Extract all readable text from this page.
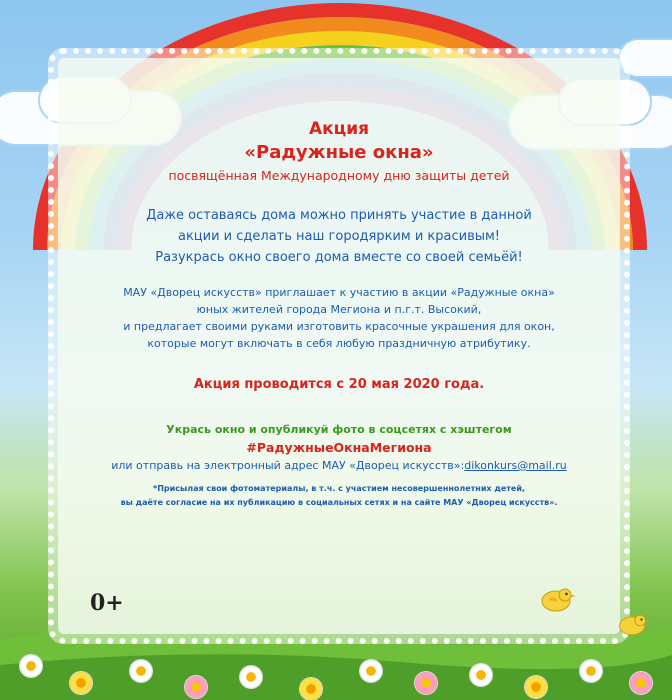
Акция
«Радужные окна»
посвящённая Международному дню защиты детей
Даже оставаясь дома можно принять участие в данной
акции и сделать наш городярким и красивым!
Разукрась окно своего дома вместе со своей семьёй!
МАУ «Дворец искусств» приглашает к участию в акции «Радужные окна»
юных жителей города Мегиона и п.г.т. Высокий,
и предлагает своими руками изготовить красочные украшения для окон,
которые могут включать в себя любую праздничную атрибутику.
Акция проводится с 20 мая 2020 года.
Укрась окно и опубликуй фото в соцсетях с хэштегом
#РадужныеОкнаМегиона
или отправь на электронный адрес МАУ «Дворец искусств»:dikonkurs@mail.ru
*Присылая свои фотоматериалы, в т.ч. с участием несовершеннолетних детей,
вы даёте согласие на их публикацию в социальных сетях и на сайте МАУ «Дворец искусств».
0+
